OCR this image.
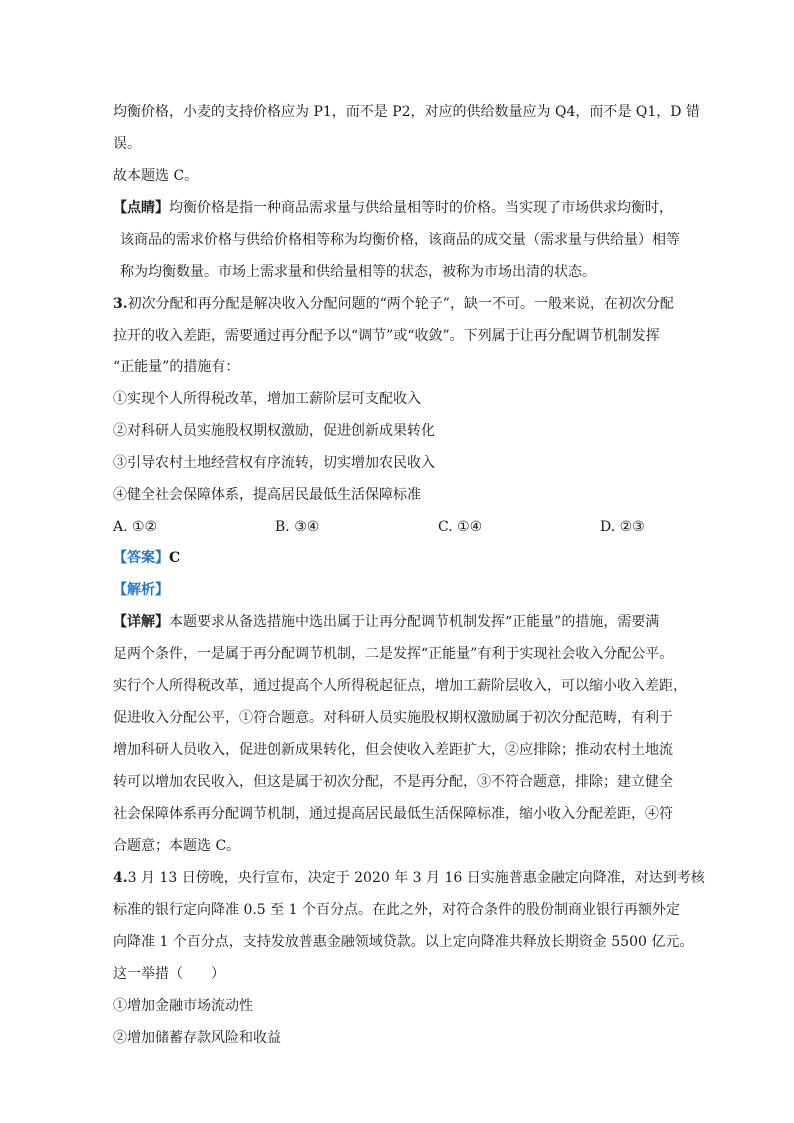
均衡价格，小麦的支持价格应为 P1，而不是 P2，对应的供给数量应为 Q4，而不是 Q1，D 错
误。
故本题选 C。
【点睛】均衡价格是指一种商品需求量与供给量相等时的价格。当实现了市场供求均衡时，
该商品的需求价格与供给价格相等称为均衡价格，该商品的成交量（需求量与供给量）相等
称为均衡数量。市场上需求量和供给量相等的状态，被称为市场出清的状态。
3.初次分配和再分配是解决收入分配问题的“两个轮子”，缺一不可。一般来说，在初次分配
拉开的收入差距，需要通过再分配予以“调节”或“收敛”。下列属于让再分配调节机制发挥
“正能量”的措施有：
①实现个人所得税改革，增加工薪阶层可支配收入
②对科研人员实施股权期权激励，促进创新成果转化
③引导农村土地经营权有序流转，切实增加农民收入
④健全社会保障体系，提高居民最低生活保障标准
A. ①②	B. ③④	C. ①④	D. ②③
【答案】C
【解析】
【详解】本题要求从备选措施中选出属于让再分配调节机制发挥“正能量”的措施，需要满
足两个条件，一是属于再分配调节机制，二是发挥“正能量”有利于实现社会收入分配公平。
实行个人所得税改革，通过提高个人所得税起征点，增加工薪阶层收入，可以缩小收入差距，
促进收入分配公平，①符合题意。对科研人员实施股权期权激励属于初次分配范畴，有利于
增加科研人员收入，促进创新成果转化，但会使收入差距扩大，②应排除；推动农村土地流
转可以增加农民收入，但这是属于初次分配，不是再分配，③不符合题意，排除；建立健全
社会保障体系再分配调节机制，通过提高居民最低生活保障标准，缩小收入分配差距，④符
合题意；本题选 C。
4.3 月 13 日傍晚，央行宣布，决定于 2020 年 3 月 16 日实施普惠金融定向降准，对达到考核
标准的银行定向降准 0.5 至 1 个百分点。在此之外，对符合条件的股份制商业银行再额外定
向降准 1 个百分点，支持发放普惠金融领域贷款。以上定向降准共释放长期资金 5500 亿元。
这一举措（　　）
①增加金融市场流动性
②增加储蓄存款风险和收益
